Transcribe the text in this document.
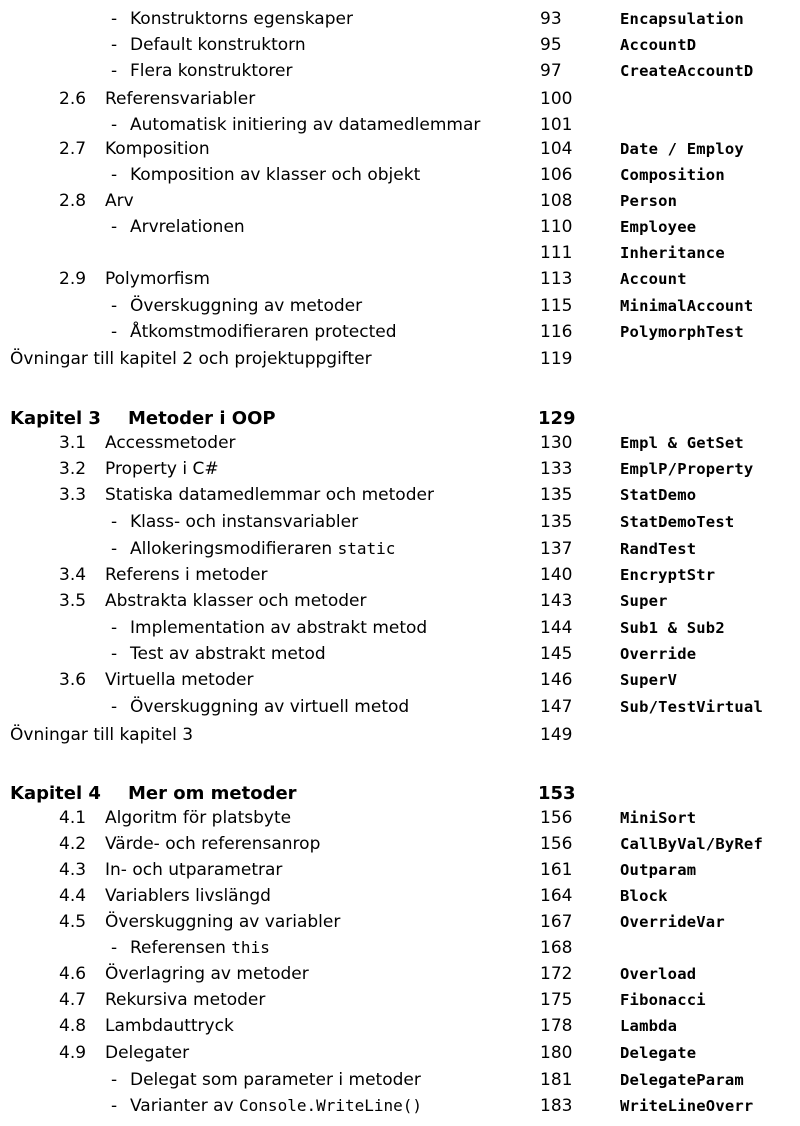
- Konstruktorns egenskaper	93	Encapsulation
- Default konstruktorn	95	AccountD
- Flera konstruktorer	97	CreateAccountD
2.6 Referensvariabler	100
- Automatisk initiering av datamedlemmar	101
2.7 Komposition	104	Date / Employ
- Komposition av klasser och objekt	106	Composition
2.8 Arv	108	Person
- Arvrelationen	110	Employee
111	Inheritance
2.9 Polymorfism	113	Account
- Överskuggning av metoder	115	MinimalAccount
- Åtkomstmodifieraren protected	116	PolymorphTest
Övningar till kapitel 2 och projektuppgifter	119
Kapitel 3 Metoder i OOP	129
3.1 Accessmetoder	130	Empl & GetSet
3.2 Property i C#	133	EmplP/Property
3.3 Statiska datamedlemmar och metoder	135	StatDemo
- Klass- och instansvariabler	135	StatDemoTest
- Allokeringsmodifieraren static	137	RandTest
3.4 Referens i metoder	140	EncryptStr
3.5 Abstrakta klasser och metoder	143	Super
- Implementation av abstrakt metod	144	Sub1 & Sub2
- Test av abstrakt metod	145	Override
3.6 Virtuella metoder	146	SuperV
- Överskuggning av virtuell metod	147	Sub/TestVirtual
Övningar till kapitel 3	149
Kapitel 4 Mer om metoder	153
4.1 Algoritm för platsbyte	156	MiniSort
4.2 Värde- och referensanrop	156	CallByVal/ByRef
4.3 In- och utparametrar	161	Outparam
4.4 Variablers livslängd	164	Block
4.5 Överskuggning av variabler	167	OverrideVar
- Referensen this	168
4.6 Överlagring av metoder	172	Overload
4.7 Rekursiva metoder	175	Fibonacci
4.8 Lambdauttryck	178	Lambda
4.9 Delegater	180	Delegate
- Delegat som parameter i metoder	181	DelegateParam
- Varianter av Console.WriteLine()	183	WriteLineOverr
